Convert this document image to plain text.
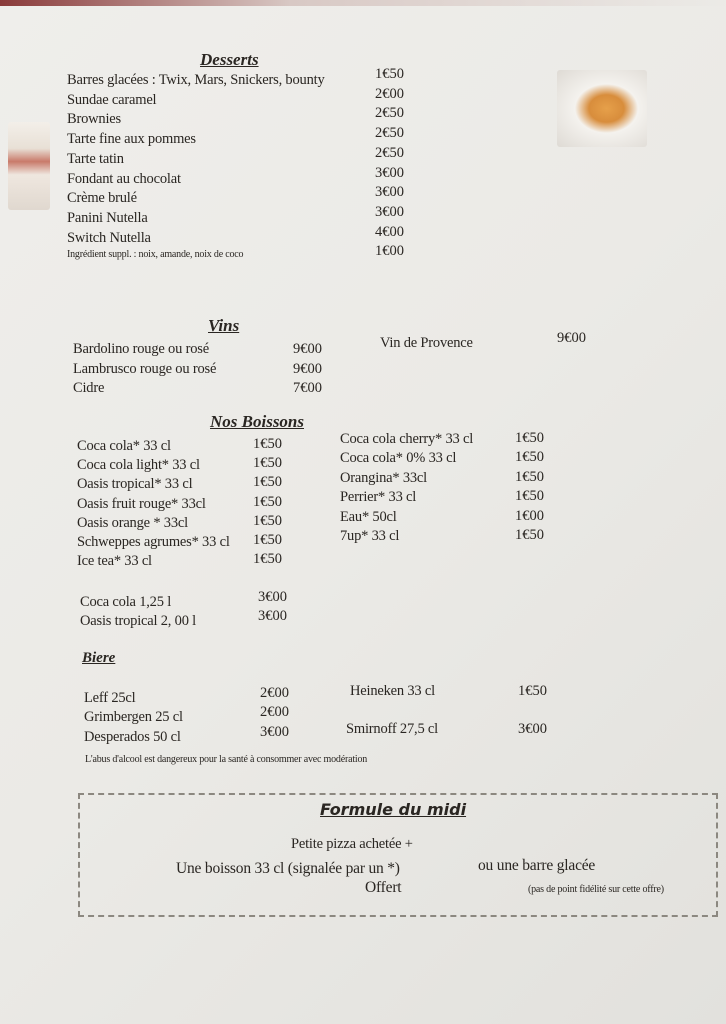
Desserts
Barres glacées : Twix, Mars, Snickers, bounty	1€50
Sundae caramel	2€00
Brownies	2€50
Tarte fine aux pommes	2€50
Tarte tatin	2€50
Fondant au chocolat	3€00
Crème brulé	3€00
Panini Nutella	3€00
Switch Nutella	4€00
Ingrédient suppl. : noix, amande, noix de coco	1€00
Vins
Bardolino rouge ou rosé	9€00
Lambrusco rouge ou rosé	9€00
Cidre	7€00
Vin de Provence	9€00
Nos Boissons
Coca cola* 33 cl	1€50
Coca cola light* 33 cl	1€50
Oasis tropical* 33 cl	1€50
Oasis fruit rouge* 33cl	1€50
Oasis orange * 33cl	1€50
Schweppes agrumes* 33 cl 1€50
Ice tea* 33 cl	1€50
Coca cola cherry* 33 cl	1€50
Coca cola* 0% 33 cl	1€50
Orangina* 33cl	1€50
Perrier* 33 cl	1€50
Eau* 50cl	1€00
7up* 33 cl	1€50
Coca cola 1,25 l	3€00
Oasis tropical 2, 00 l	3€00
Biere
Leff 25cl	2€00
Grimbergen 25 cl	2€00
Desperados 50 cl	3€00
Heineken 33 cl	1€50
Smirnoff 27,5 cl	3€00
L'abus d'alcool est dangereux pour la santé à consommer avec modération
Formule du midi
Petite pizza achetée +
Une boisson 33 cl (signalée par un *)	ou une barre glacée
Offert	(pas de point fidélité sur cette offre)
